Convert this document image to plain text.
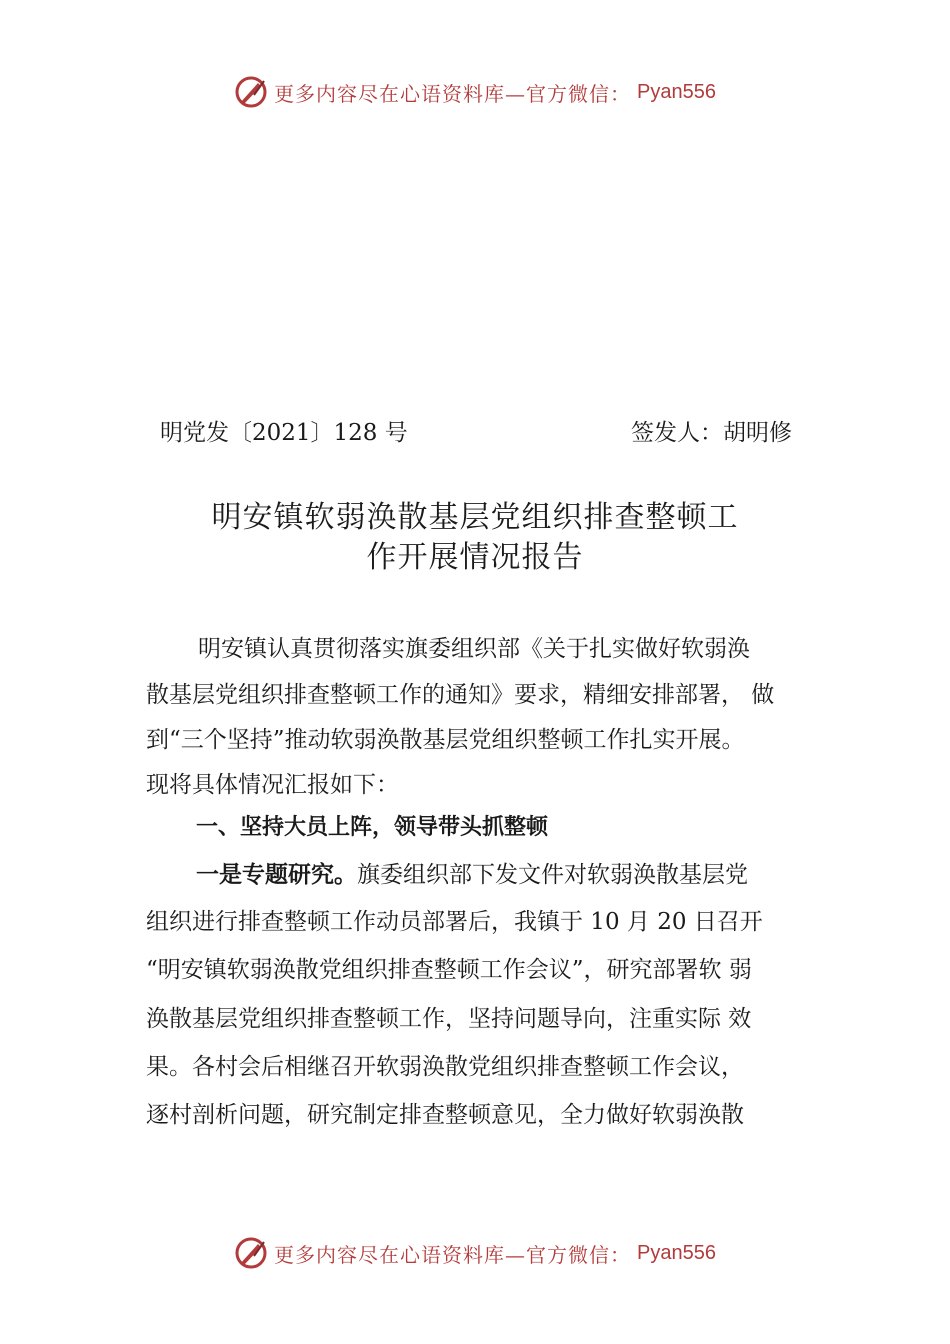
更多内容尽在心语资料库—官方微信： Pyan556
明党发〔2021〕128 号	签发人：胡明修
明安镇软弱涣散基层党组织排查整顿工
作开展情况报告
明安镇认真贯彻落实旗委组织部《关于扎实做好软弱涣
散基层党组织排查整顿工作的通知》要求，精细安排部署， 做
到“三个坚持”推动软弱涣散基层党组织整顿工作扎实开展。
现将具体情况汇报如下：
一、坚持大员上阵，领导带头抓整顿
一是专题研究。旗委组织部下发文件对软弱涣散基层党
组织进行排查整顿工作动员部署后，我镇于 10 月 20 日召开
“明安镇软弱涣散党组织排查整顿工作会议”，研究部署软 弱
涣散基层党组织排查整顿工作，坚持问题导向，注重实际 效
果。各村会后相继召开软弱涣散党组织排查整顿工作会议，
逐村剖析问题，研究制定排查整顿意见，全力做好软弱涣散
更多内容尽在心语资料库—官方微信： Pyan556
